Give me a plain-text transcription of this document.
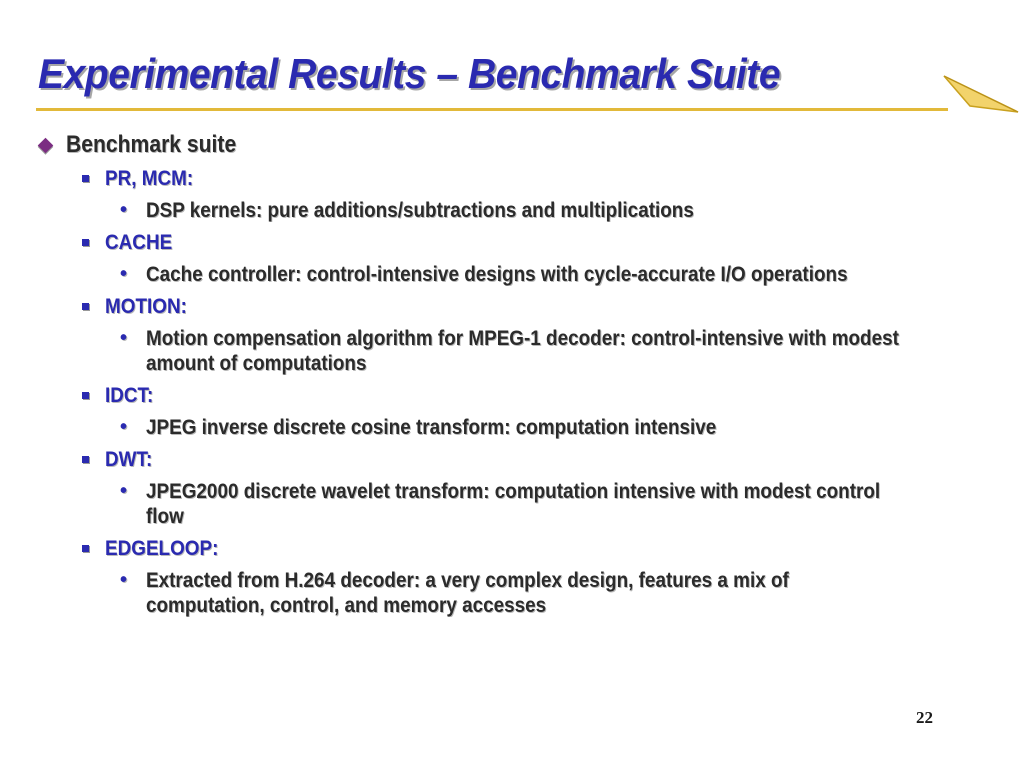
Experimental Results – Benchmark Suite
Benchmark suite
PR, MCM:
• DSP kernels: pure additions/subtractions and multiplications
CACHE
• Cache controller: control-intensive designs with cycle-accurate I/O operations
MOTION:
• Motion compensation algorithm for MPEG-1 decoder: control-intensive with modest amount of computations
IDCT:
• JPEG inverse discrete cosine transform: computation intensive
DWT:
• JPEG2000 discrete wavelet transform: computation intensive with modest control flow
EDGELOOP:
• Extracted from H.264 decoder: a very complex design, features a mix of computation, control, and memory accesses
22
